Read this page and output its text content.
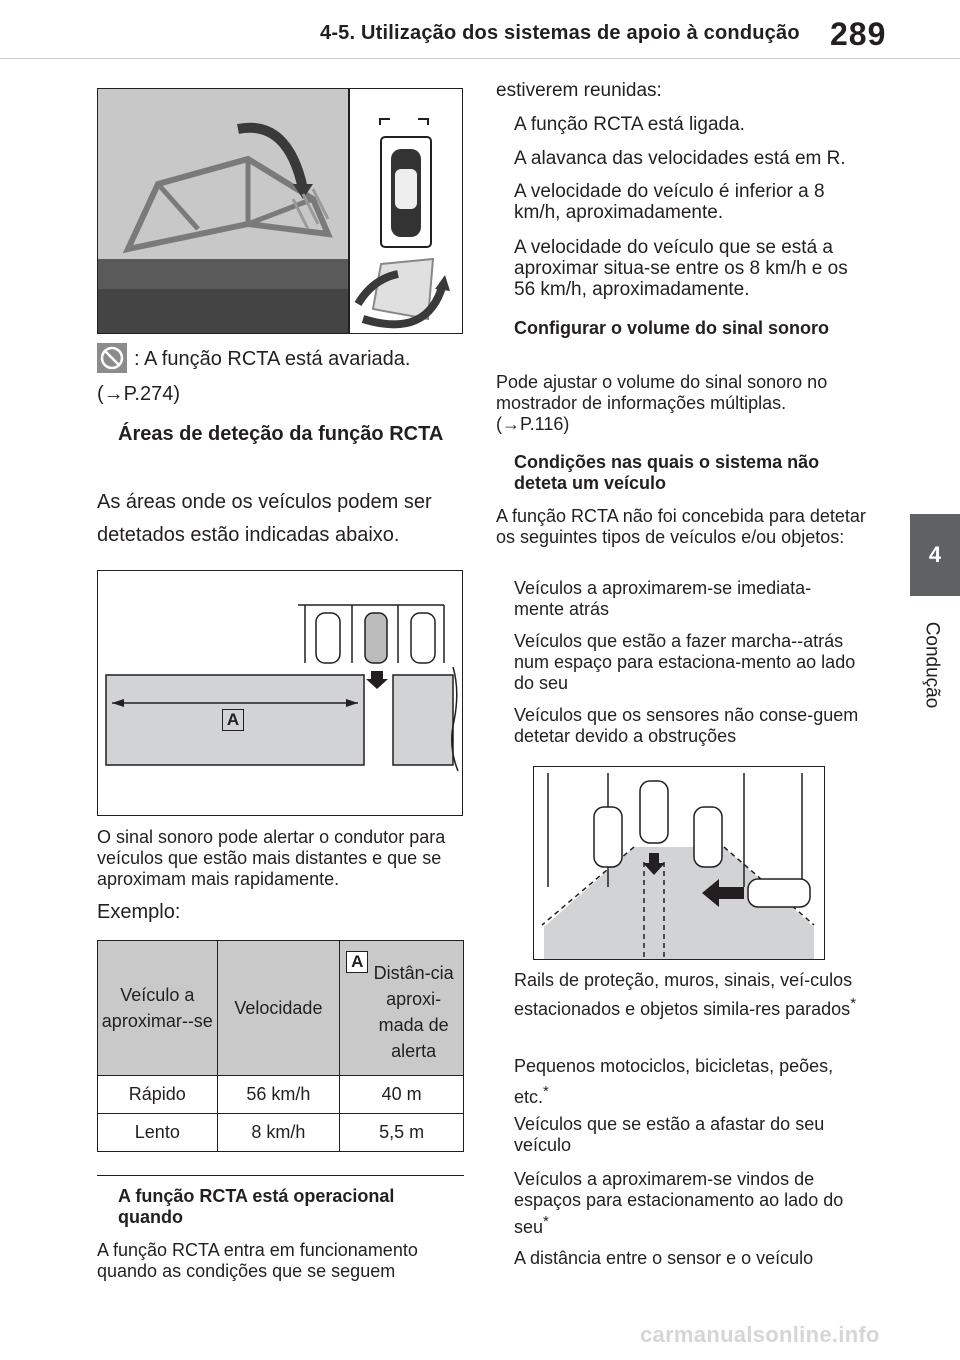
4-5. Utilização dos sistemas de apoio à condução 289
4
Condução
: A função RCTA está avariada.
(→P.274)
Áreas de deteção da função RCTA
As áreas onde os veículos podem ser detetados estão indicadas abaixo.
A
O sinal sonoro pode alertar o condutor para veículos que estão mais distantes e que se aproximam mais rapidamente.
Exemplo:
Veículo a aproximar--se	Velocidade	A
Distân-cia aproxi-mada de alerta

Rápido	56 km/h	40 m
Lento	8 km/h	5,5 m
A função RCTA está operacional quando
A função RCTA entra em funcionamento quando as condições que se seguem
estiverem reunidas:
A função RCTA está ligada.
A alavanca das velocidades está em R.
A velocidade do veículo é inferior a 8 km/h, aproximadamente.
A velocidade do veículo que se está a aproximar situa-se entre os 8 km/h e os 56 km/h, aproximadamente.
Configurar o volume do sinal sonoro
Pode ajustar o volume do sinal sonoro no mostrador de informações múltiplas.
(→P.116)
Condições nas quais o sistema não deteta um veículo
A função RCTA não foi concebida para detetar os seguintes tipos de veículos e/ou objetos:
Veículos a aproximarem-se imediata-mente atrás
Veículos que estão a fazer marcha--atrás num espaço para estaciona-mento ao lado do seu
Veículos que os sensores não conse-guem detetar devido a obstruções
Rails de proteção, muros, sinais, veí-culos estacionados e objetos simila-res parados*
Pequenos motociclos, bicicletas, peões, etc.*
Veículos que se estão a afastar do seu veículo
Veículos a aproximarem-se vindos de espaços para estacionamento ao lado do seu*
A distância entre o sensor e o veículo
carmanualsonline.info
